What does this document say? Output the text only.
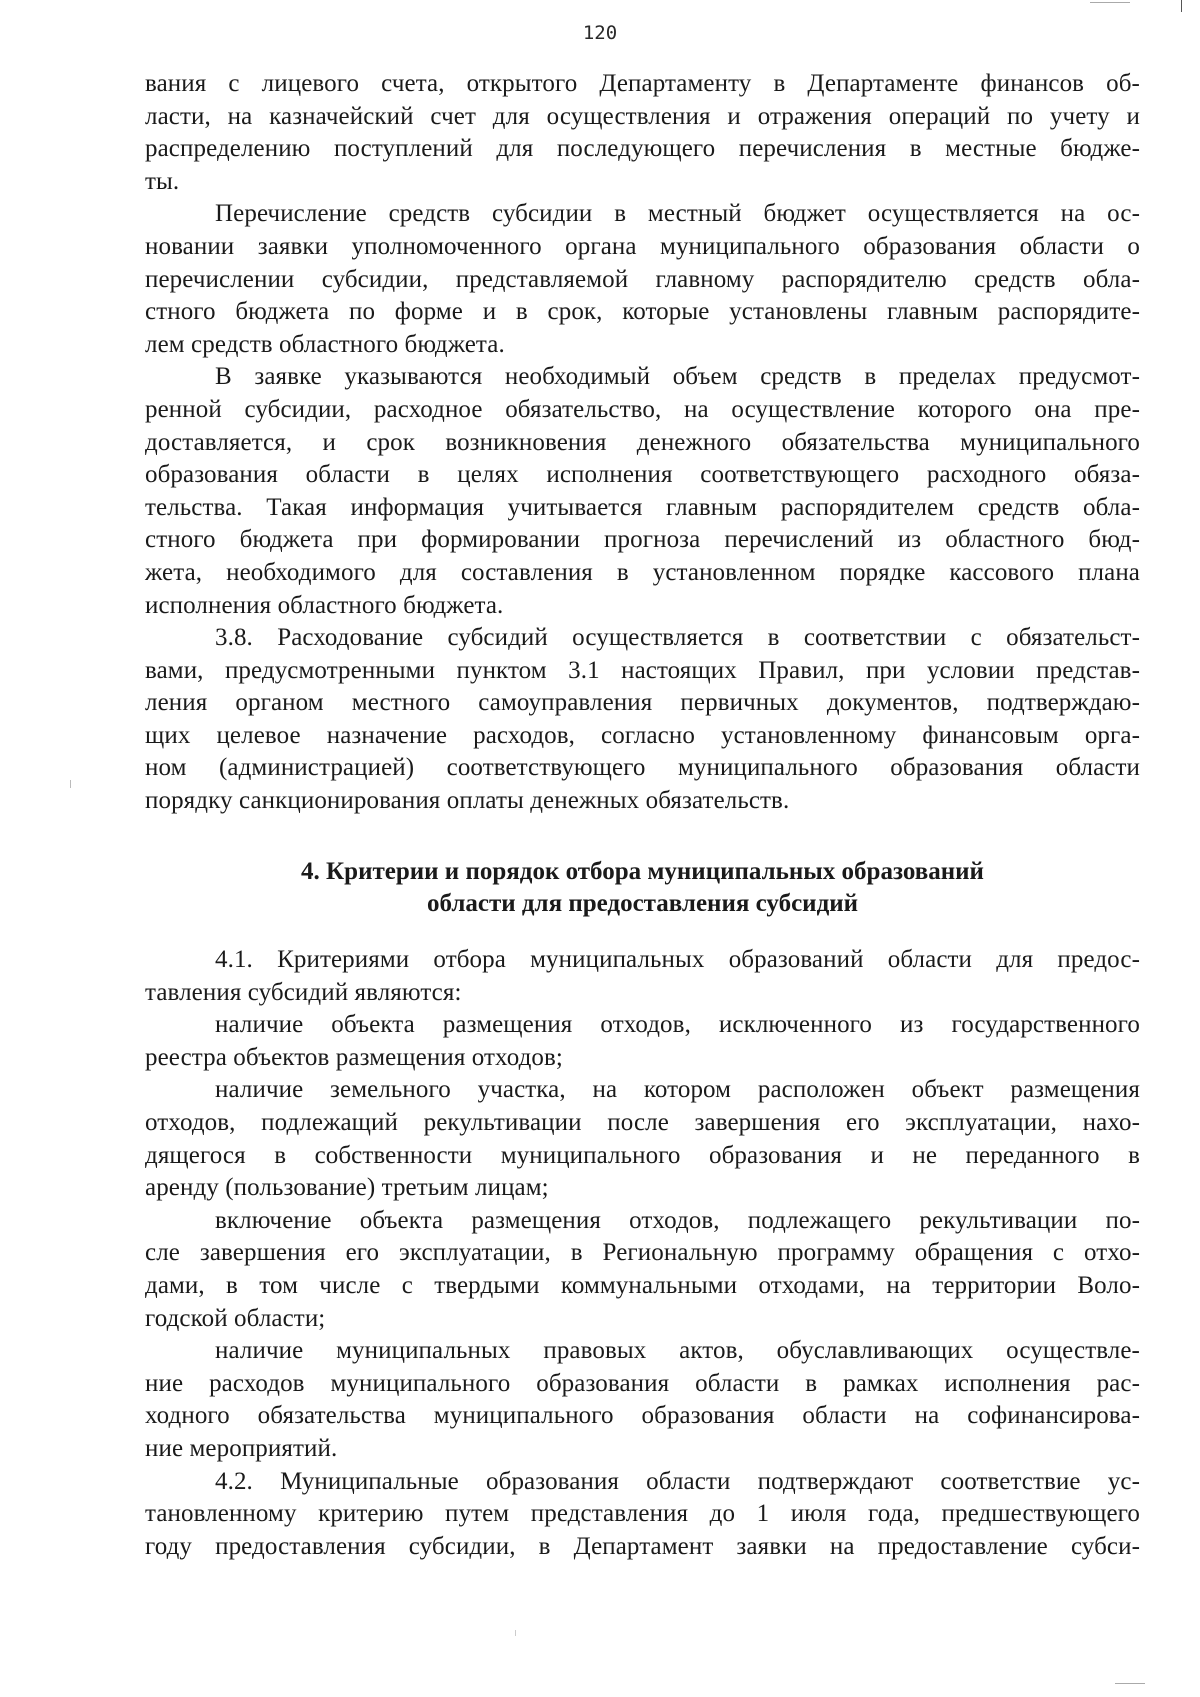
120
вания с лицевого счета, открытого Департаменту в Департаменте финансов об-
ласти, на казначейский счет для осуществления и отражения операций по учету и
распределению поступлений для последующего перечисления в местные бюдже-
ты.
Перечисление средств субсидии в местный бюджет осуществляется на ос-
новании заявки уполномоченного органа муниципального образования области о
перечислении субсидии, представляемой главному распорядителю средств обла-
стного бюджета по форме и в срок, которые установлены главным распорядите-
лем средств областного бюджета.
В заявке указываются необходимый объем средств в пределах предусмот-
ренной субсидии, расходное обязательство, на осуществление которого она пре-
доставляется, и срок возникновения денежного обязательства муниципального
образования области в целях исполнения соответствующего расходного обяза-
тельства. Такая информация учитывается главным распорядителем средств обла-
стного бюджета при формировании прогноза перечислений из областного бюд-
жета, необходимого для составления в установленном порядке кассового плана
исполнения областного бюджета.
3.8. Расходование субсидий осуществляется в соответствии с обязательст-
вами, предусмотренными пунктом 3.1 настоящих Правил, при условии представ-
ления органом местного самоуправления первичных документов, подтверждаю-
щих целевое назначение расходов, согласно установленному финансовым орга-
ном (администрацией) соответствующего муниципального образования области
порядку санкционирования оплаты денежных обязательств.
4. Критерии и порядок отбора муниципальных образований
области для предоставления субсидий
4.1. Критериями отбора муниципальных образований области для предос-
тавления субсидий являются:
наличие объекта размещения отходов, исключенного из государственного
реестра объектов размещения отходов;
наличие земельного участка, на котором расположен объект размещения
отходов, подлежащий рекультивации после завершения его эксплуатации, нахо-
дящегося в собственности муниципального образования и не переданного в
аренду (пользование) третьим лицам;
включение объекта размещения отходов, подлежащего рекультивации по-
сле завершения его эксплуатации, в Региональную программу обращения с отхо-
дами, в том числе с твердыми коммунальными отходами, на территории Воло-
годской области;
наличие муниципальных правовых актов, обуславливающих осуществле-
ние расходов муниципального образования области в рамках исполнения рас-
ходного обязательства муниципального образования области на софинансирова-
ние мероприятий.
4.2. Муниципальные образования области подтверждают соответствие ус-
тановленному критерию путем представления до 1 июля года, предшествующего
году предоставления субсидии, в Департамент заявки на предоставление субси-
